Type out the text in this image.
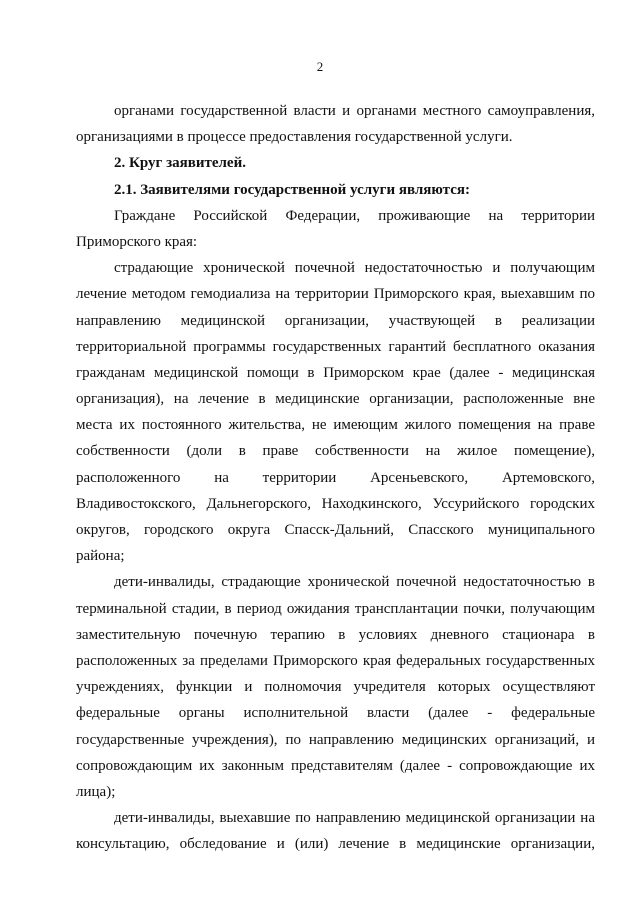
2
органами государственной власти и органами местного самоуправления,
организациями в процессе предоставления государственной услуги.
2. Круг заявителей.
2.1. Заявителями государственной услуги являются:
Граждане Российской Федерации, проживающие на территории
Приморского края:
страдающие хронической почечной недостаточностью и получающим
лечение методом гемодиализа на территории Приморского края, выехавшим по
направлению медицинской организации, участвующей в реализации
территориальной программы государственных гарантий бесплатного оказания
гражданам медицинской помощи в Приморском крае (далее - медицинская
организация), на лечение в медицинские организации, расположенные вне
места их постоянного жительства, не имеющим жилого помещения на праве
собственности (доли в праве собственности на жилое помещение),
расположенного на территории Арсеньевского, Артемовского,
Владивостокского, Дальнегорского, Находкинского, Уссурийского городских
округов, городского округа Спасск-Дальний, Спасского муниципального
района;
дети-инвалиды, страдающие хронической почечной недостаточностью в
терминальной стадии, в период ожидания трансплантации почки, получающим
заместительную почечную терапию в условиях дневного стационара в
расположенных за пределами Приморского края федеральных государственных
учреждениях, функции и полномочия учредителя которых осуществляют
федеральные органы исполнительной власти (далее - федеральные
государственные учреждения), по направлению медицинских организаций, и
сопровождающим их законным представителям (далее - сопровождающие их
лица);
дети-инвалиды, выехавшие по направлению медицинской организации на
консультацию, обследование и (или) лечение в медицинские организации,
